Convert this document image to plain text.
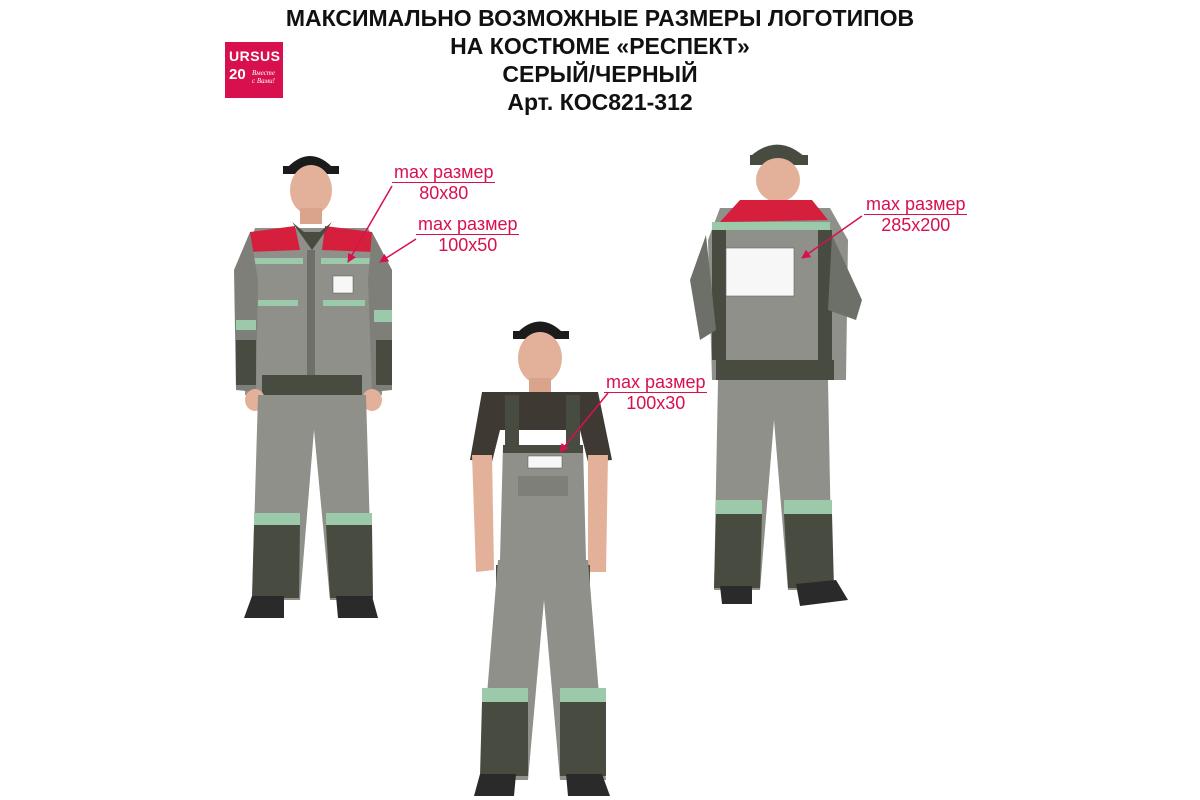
МАКСИМАЛЬНО ВОЗМОЖНЫЕ РАЗМЕРЫ ЛОГОТИПОВ
НА КОСТЮМЕ «РЕСПЕКТ»
СЕРЫЙ/ЧЕРНЫЙ
Арт. КОС821-312
URSUS
20 Вместе
с Вами!
max размер
80x80
max размер
100x50
max размер
100x30
max размер
285x200
